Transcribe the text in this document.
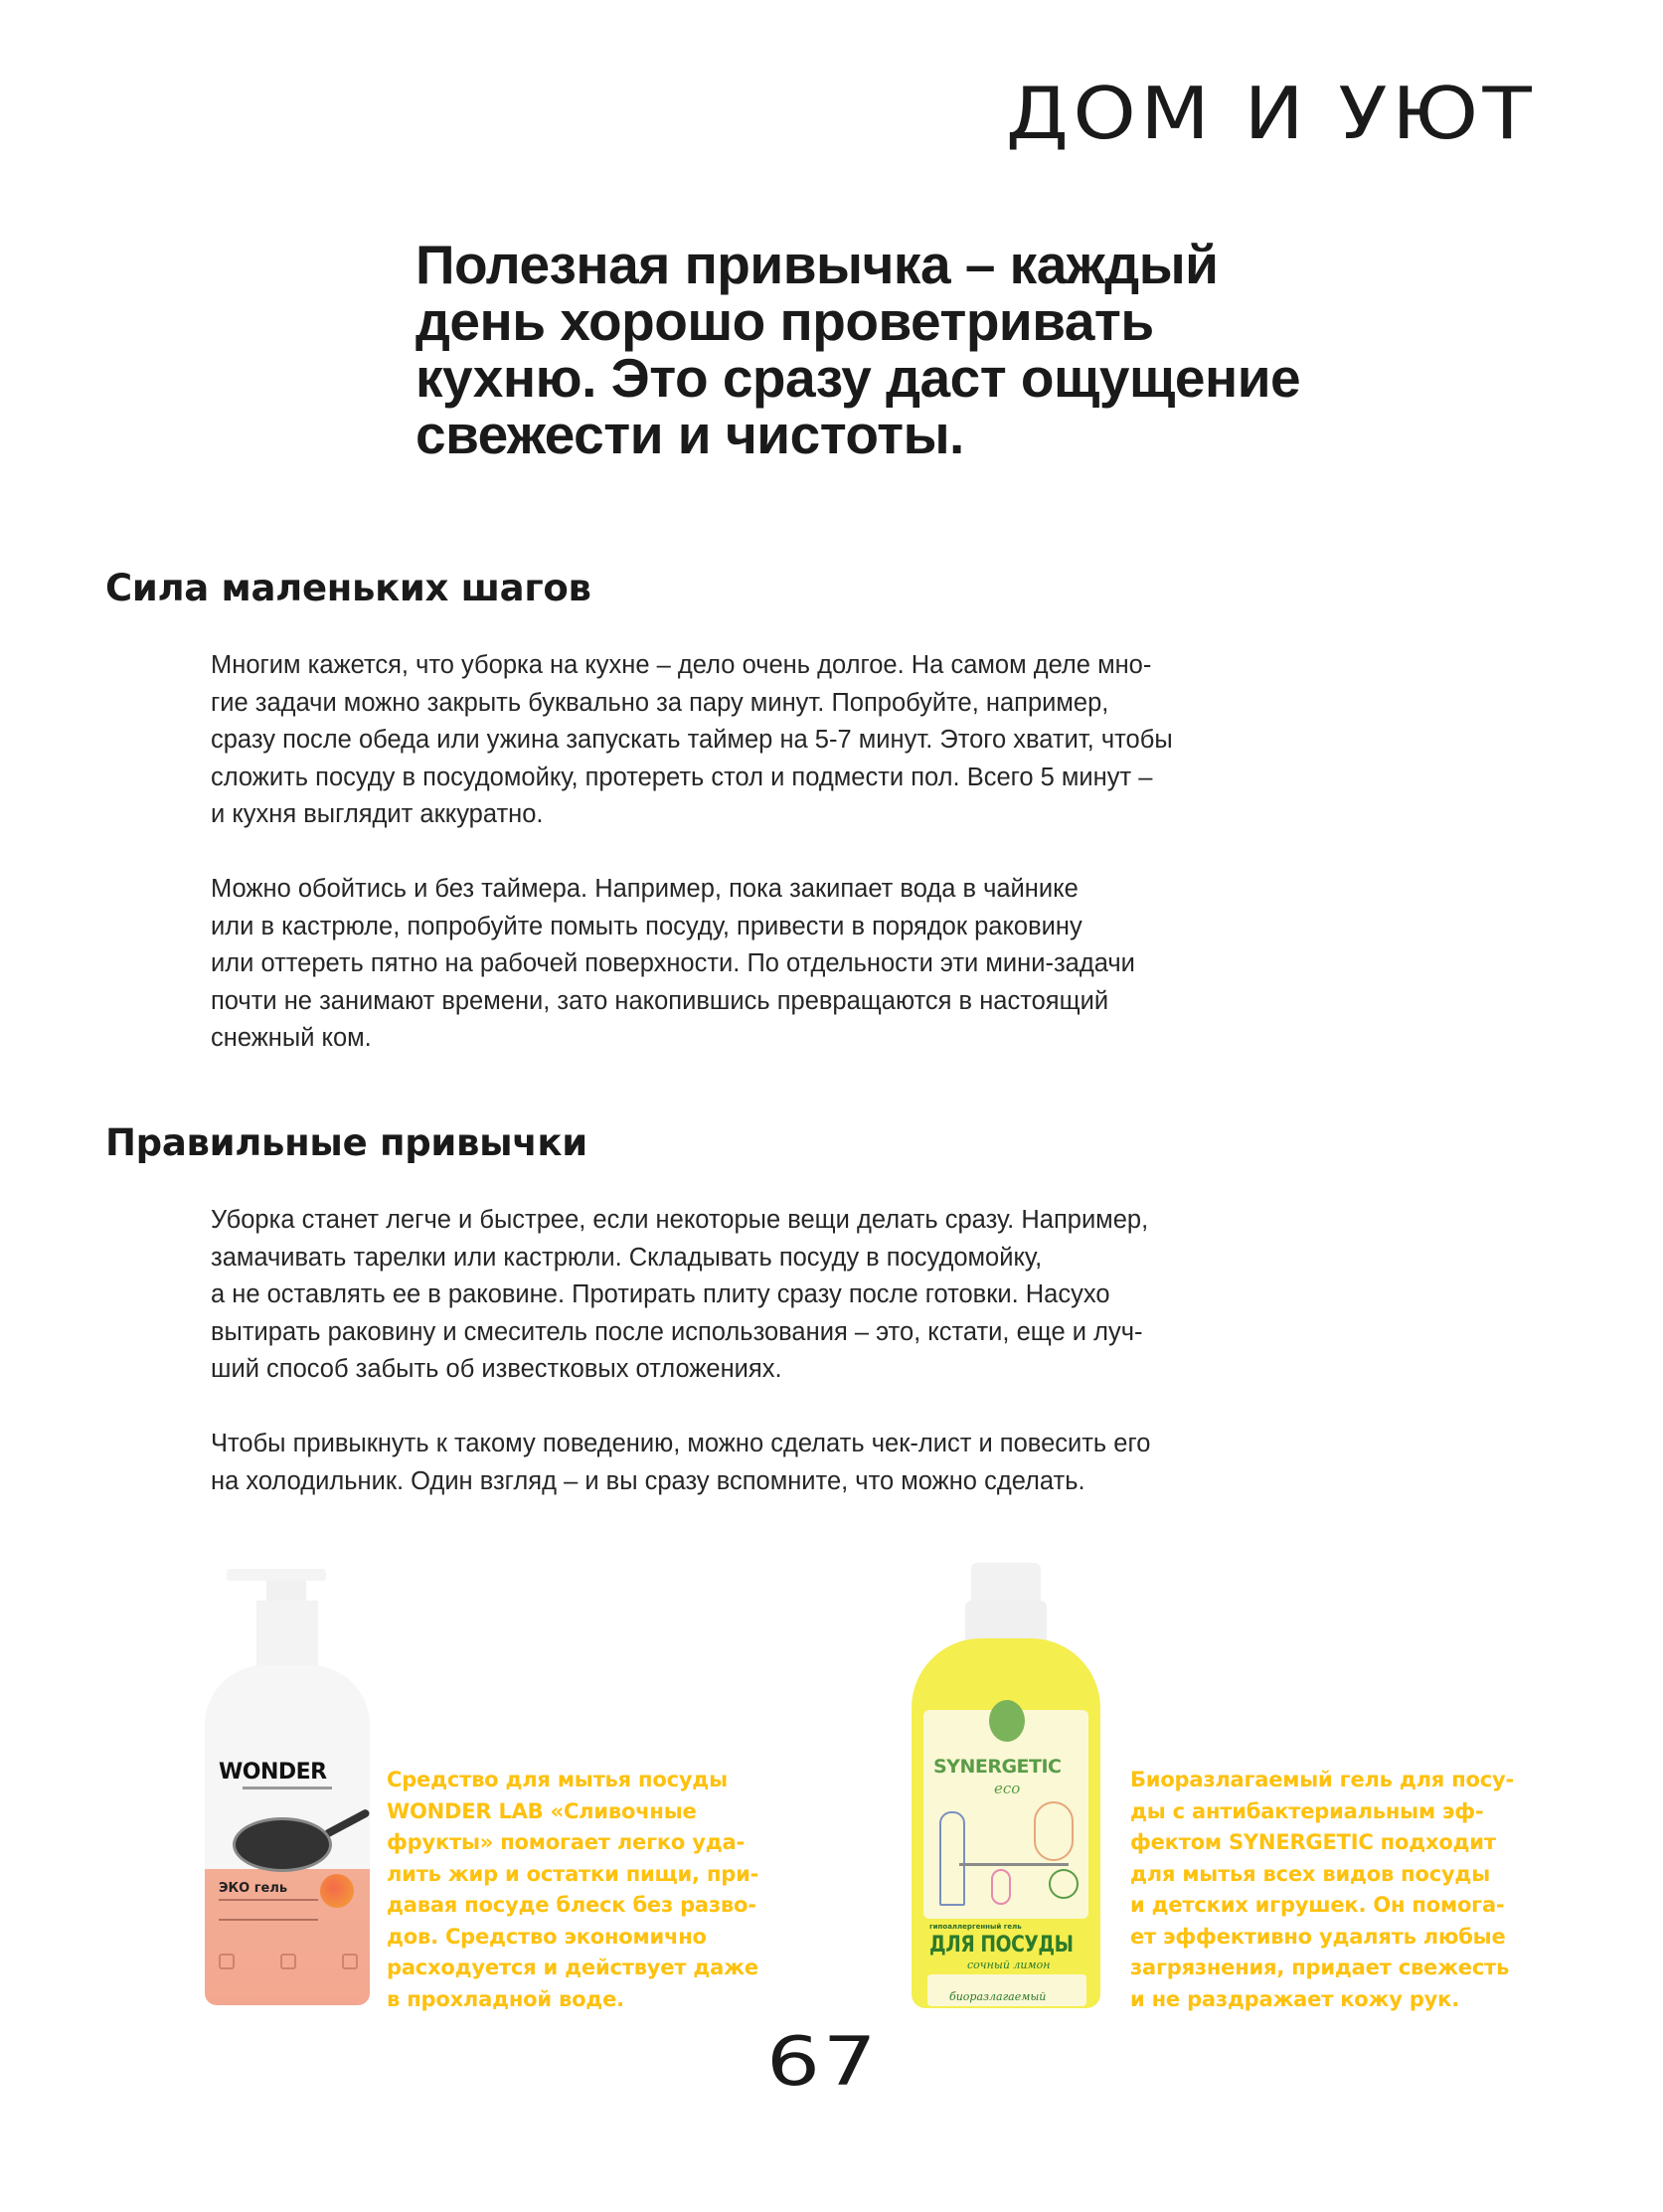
ДОМ И УЮТ
Полезная привычка – каждый
день хорошо проветривать
кухню. Это сразу даст ощущение
свежести и чистоты.
Сила маленьких шагов
Многим кажется, что уборка на кухне – дело очень долгое. На самом деле мно-
гие задачи можно закрыть буквально за пару минут. Попробуйте, например,
сразу после обеда или ужина запускать таймер на 5-7 минут. Этого хватит, чтобы
сложить посуду в посудомойку, протереть стол и подмести пол. Всего 5 минут –
и кухня выглядит аккуратно.
Можно обойтись и без таймера. Например, пока закипает вода в чайнике
или в кастрюле, попробуйте помыть посуду, привести в порядок раковину
или оттереть пятно на рабочей поверхности. По отдельности эти мини-задачи
почти не занимают времени, зато накопившись превращаются в настоящий
снежный ком.
Правильные привычки
Уборка станет легче и быстрее, если некоторые вещи делать сразу. Например,
замачивать тарелки или кастрюли. Складывать посуду в посудомойку,
а не оставлять ее в раковине. Протирать плиту сразу после готовки. Насухо
вытирать раковину и смеситель после использования – это, кстати, еще и луч-
ший способ забыть об известковых отложениях.
Чтобы привыкнуть к такому поведению, можно сделать чек-лист и повесить его
на холодильник. Один взгляд – и вы сразу вспомните, что можно сделать.
WONDER
ЭКО гель
Средство для мытья посуды
WONDER LAB «Сливочные
фрукты» помогает легко уда-
лить жир и остатки пищи, при-
давая посуде блеск без разво-
дов. Средство экономично
расходуется и действует даже
в прохладной воде.
SYNERGETIC
eco
гипоаллергенный гель
ДЛЯ ПОСУДЫ
сочный лимон
биоразлагаемый
Биоразлагаемый гель для посу-
ды с антибактериальным эф-
фектом SYNERGETIC подходит
для мытья всех видов посуды
и детских игрушек. Он помога-
ет эффективно удалять любые
загрязнения, придает свежесть
и не раздражает кожу рук.
67
